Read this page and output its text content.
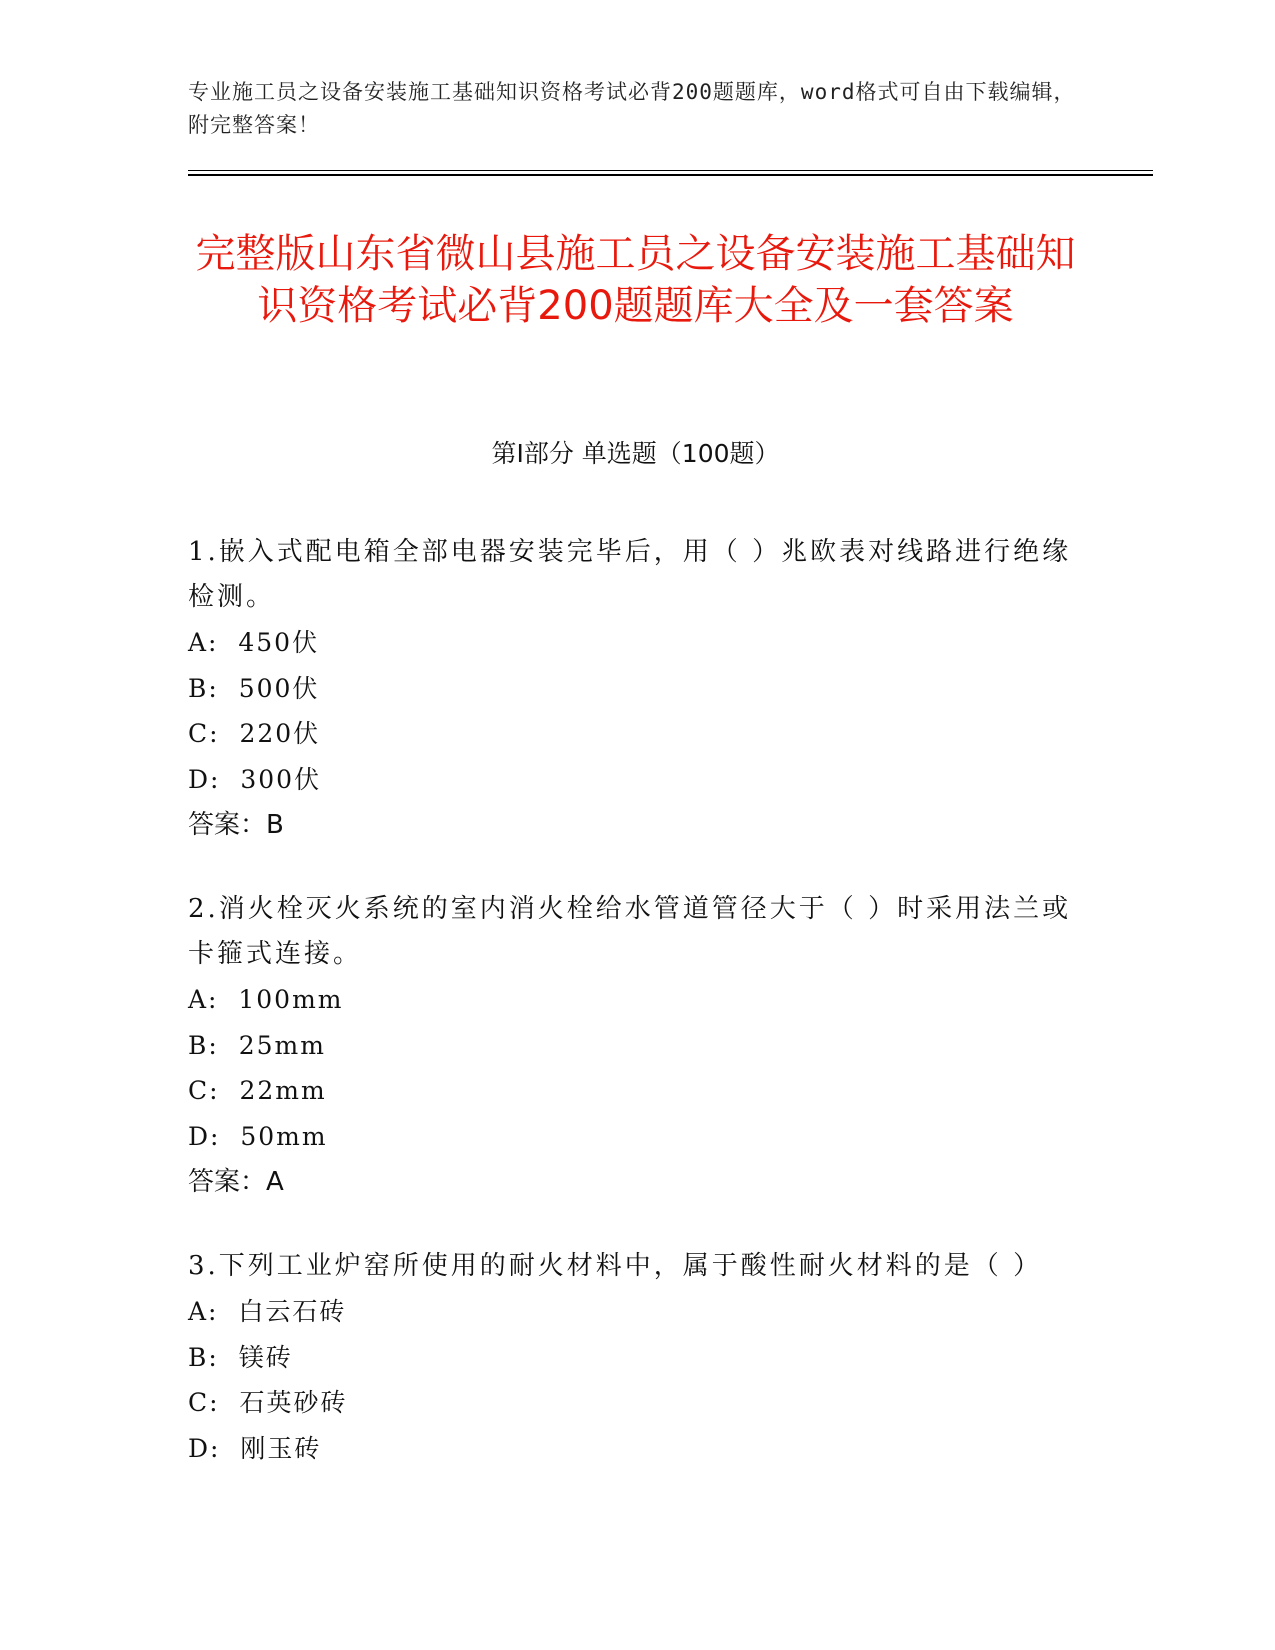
专业施工员之设备安装施工基础知识资格考试必背200题题库，word格式可自由下载编辑，附完整答案！

完整版山东省微山县施工员之设备安装施工基础知识资格考试必背200题题库大全及一套答案
第Ⅰ部分 单选题（100题）

1.嵌入式配电箱全部电器安装完毕后，用（ ）兆欧表对线路进行绝缘检测。

A:  450伏

B:  500伏

C:  220伏

D:  300伏

答案：B

2.消火栓灭火系统的室内消火栓给水管道管径大于（ ）时采用法兰或卡箍式连接。

A:  100mm

B:  25mm

C:  22mm

D:  50mm

答案：A

3.下列工业炉窑所使用的耐火材料中，属于酸性耐火材料的是（ ）

A:  白云石砖

B:  镁砖

C:  石英砂砖

D:  刚玉砖
